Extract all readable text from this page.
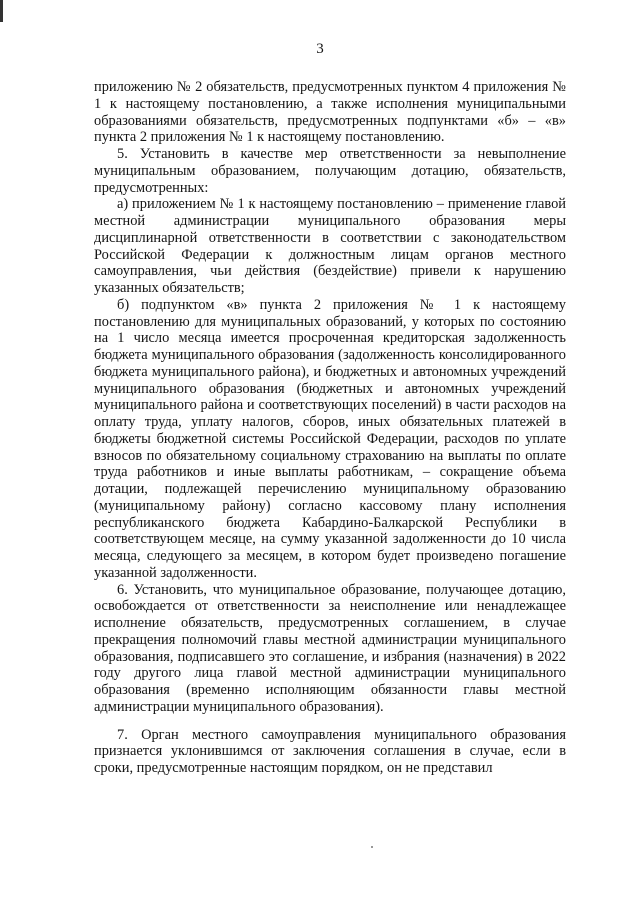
3

приложению № 2 обязательств, предусмотренных пунктом 4 приложения № 1 к настоящему постановлению, а также исполнения муниципальными образованиями обязательств, предусмотренных подпунктами «б» – «в» пункта 2 приложения № 1 к настоящему постановлению.

5. Установить в качестве мер ответственности за невыполнение муниципальным образованием, получающим дотацию, обязательств, предусмотренных:

а) приложением № 1 к настоящему постановлению – применение главой местной администрации муниципального образования меры дисциплинарной ответственности в соответствии с законодательством Российской Федерации к должностным лицам органов местного самоуправления, чьи действия (бездействие) привели к нарушению указанных обязательств;

б) подпунктом «в» пункта 2 приложения № 1 к настоящему постановлению для муниципальных образований, у которых по состоянию на 1 число месяца имеется просроченная кредиторская задолженность бюджета муниципального образования (задолженность консолидированного бюджета муниципального района), и бюджетных и автономных учреждений муниципального образования (бюджетных и автономных учреждений муниципального района и соответствующих поселений) в части расходов на оплату труда, уплату налогов, сборов, иных обязательных платежей в бюджеты бюджетной системы Российской Федерации, расходов по уплате взносов по обязательному социальному страхованию на выплаты по оплате труда работников и иные выплаты работникам, – сокращение объема дотации, подлежащей перечислению муниципальному образованию (муниципальному району) согласно кассовому плану исполнения республиканского бюджета Кабардино-Балкарской Республики в соответствующем месяце, на сумму указанной задолженности до 10 числа месяца, следующего за месяцем, в котором будет произведено погашение указанной задолженности.

6. Установить, что муниципальное образование, получающее дотацию, освобождается от ответственности за неисполнение или ненадлежащее исполнение обязательств, предусмотренных соглашением, в случае прекращения полномочий главы местной администрации муниципального образования, подписавшего это соглашение, и избрания (назначения) в 2022 году другого лица главой местной администрации муниципального образования (временно исполняющим обязанности главы местной администрации муниципального образования).

7. Орган местного самоуправления муниципального образования признается уклонившимся от заключения соглашения в случае, если в сроки, предусмотренные настоящим порядком, он не представил
